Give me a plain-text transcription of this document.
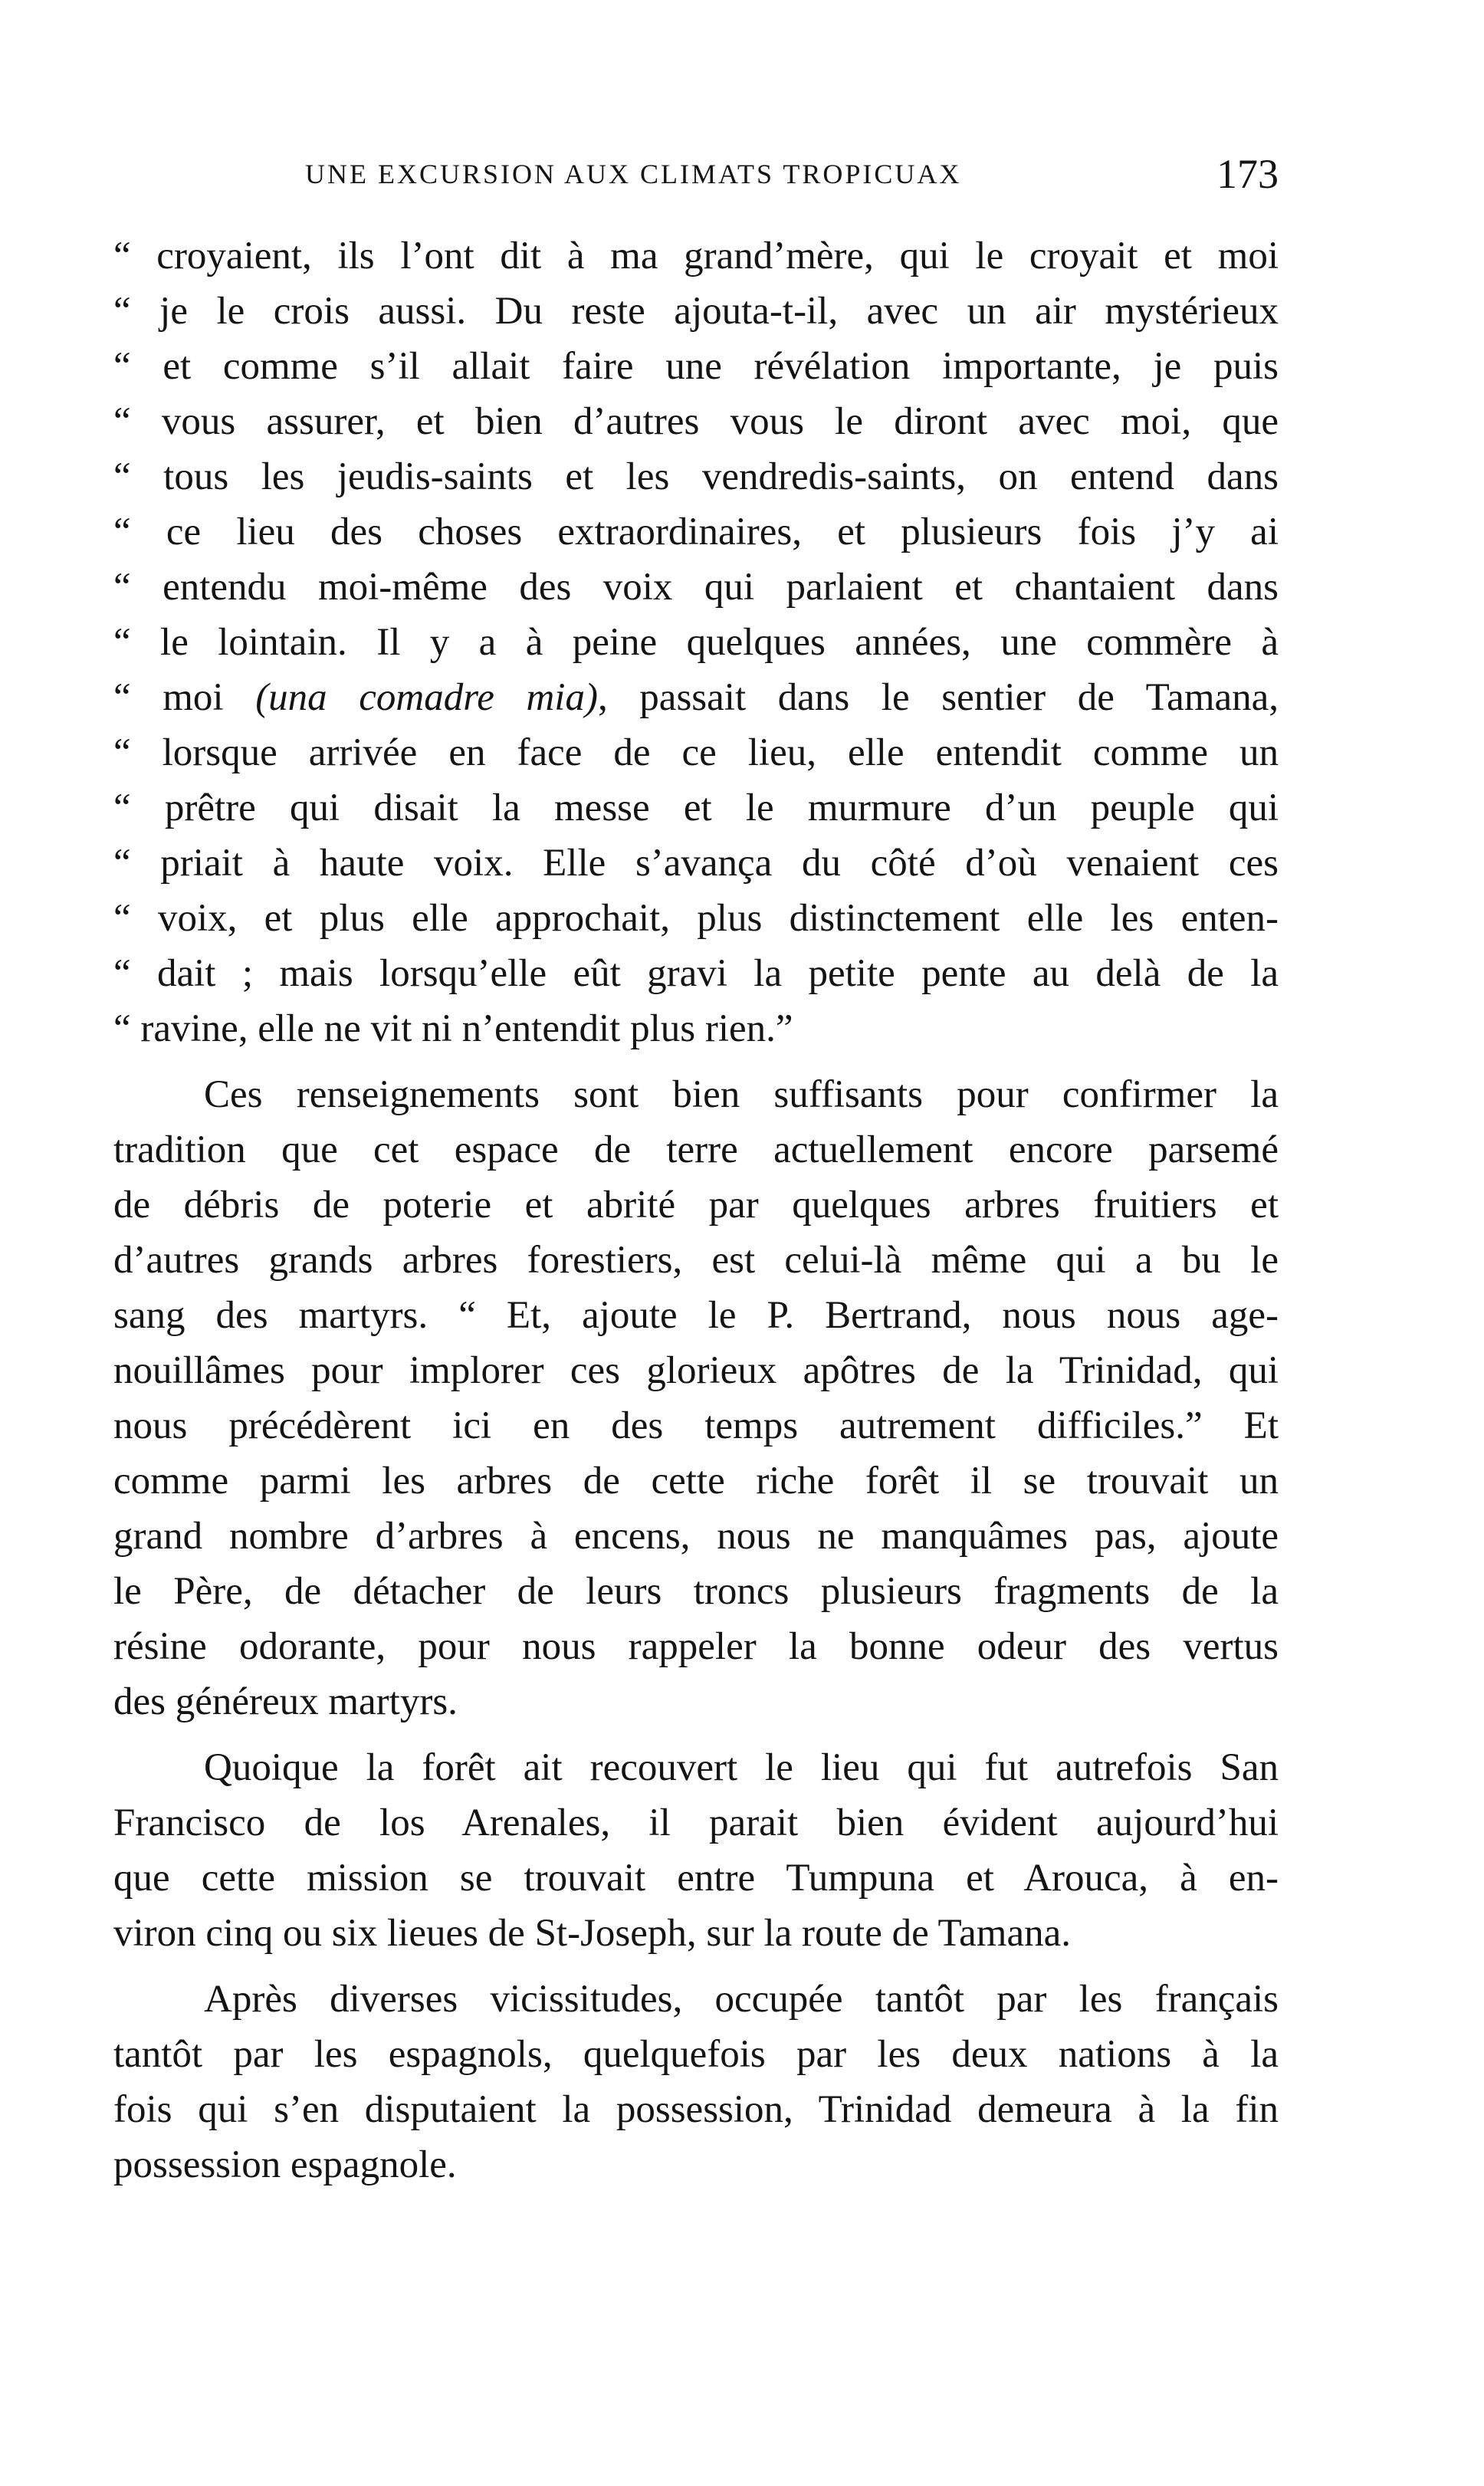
UNE EXCURSION AUX CLIMATS TROPICUAX	173
“ croyaient, ils l’ont dit à ma grand’mère, qui le croyait et moi
“ je le crois aussi. Du reste ajouta-t-il, avec un air mystérieux
“ et comme s’il allait faire une révélation importante, je puis
“ vous assurer, et bien d’autres vous le diront avec moi, que
“ tous les jeudis-saints et les vendredis-saints, on entend dans
“ ce lieu des choses extraordinaires, et plusieurs fois j’y ai
“ entendu moi-même des voix qui parlaient et chantaient dans
“ le lointain. Il y a à peine quelques années, une commère à
“ moi (una comadre mia), passait dans le sentier de Tamana,
“ lorsque arrivée en face de ce lieu, elle entendit comme un
“ prêtre qui disait la messe et le murmure d’un peuple qui
“ priait à haute voix. Elle s’avança du côté d’où venaient ces
“ voix, et plus elle approchait, plus distinctement elle les enten-
“ dait ; mais lorsqu’elle eût gravi la petite pente au delà de la
“ ravine, elle ne vit ni n’entendit plus rien.”
Ces renseignements sont bien suffisants pour confirmer la
tradition que cet espace de terre actuellement encore parsemé
de débris de poterie et abrité par quelques arbres fruitiers et
d’autres grands arbres forestiers, est celui-là même qui a bu le
sang des martyrs. “ Et, ajoute le P. Bertrand, nous nous age-
nouillâmes pour implorer ces glorieux apôtres de la Trinidad, qui
nous précédèrent ici en des temps autrement difficiles.” Et
comme parmi les arbres de cette riche forêt il se trouvait un
grand nombre d’arbres à encens, nous ne manquâmes pas, ajoute
le Père, de détacher de leurs troncs plusieurs fragments de la
résine odorante, pour nous rappeler la bonne odeur des vertus
des généreux martyrs.
Quoique la forêt ait recouvert le lieu qui fut autrefois San
Francisco de los Arenales, il parait bien évident aujourd’hui
que cette mission se trouvait entre Tumpuna et Arouca, à en-
viron cinq ou six lieues de St-Joseph, sur la route de Tamana.
Après diverses vicissitudes, occupée tantôt par les français
tantôt par les espagnols, quelquefois par les deux nations à la
fois qui s’en disputaient la possession, Trinidad demeura à la fin
possession espagnole.
